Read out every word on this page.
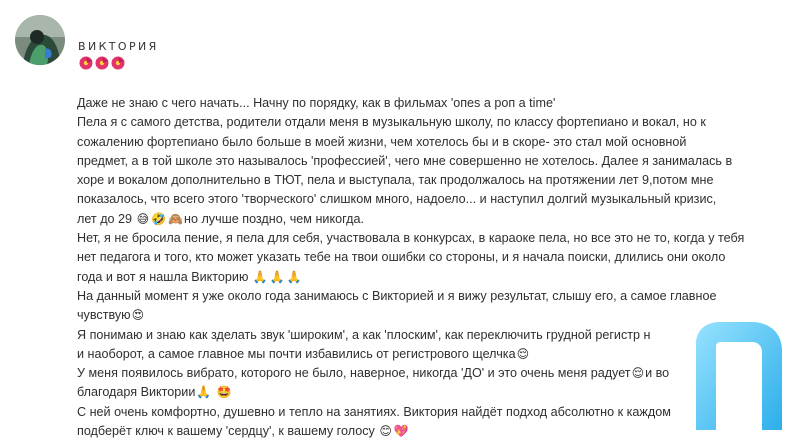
ВИКТОРИЯ
Даже не знаю с чего начать... Начну по порядку, как в фильмах 'опеs а pоп а time'
Пела я с самого детства, родители отдали меня в музыкальную школу, по классу фортепиано и вокал, но к
сожалению фортепиано было больше в моей жизни, чем хотелось бы и в скоре- это стал мой основной
предмет, а в той школе это называлось 'профессией', чего мне совершенно не хотелось. Далее я занималась в
хоре и вокалом дополнительно в ТЮТ, пела и выступала, так продолжалось на протяжении лет 9,потом мне
показалось, что всего этого 'творческого' слишком много, надоело... и наступил долгий музыкальный кризис,
лет до 29 😅 🤣 🙈но лучше поздно, чем никогда.
Нет, я не бросила пение, я пела для себя, участвовала в конкурсах, в караоке пела, но все это не то, когда у тебя
нет педагога и того, кто может указать тебе на твои ошибки со стороны, и я начала поиски, длились они около
года и вот я нашла Викторию 🙏 🙏 🙏
На данный момент я уже около года занимаюсь с Викторией и я вижу результат, слышу его, а самое главное
чувствую😍
Я понимаю и знаю как зделать звук 'широким', а как 'плоским', как переключить грудной регистр н
и наоборот, а самое главное мы почти избавились от регистрового щелчка😌
У меня появилось вибрато, которого не было, наверное, никогда 'ДО' и это очень меня радует😌и во
благодаря Виктории🙏 🤩
С ней очень комфортно, душевно и тепло на занятиях. Виктория найдёт подход абсолютно к каждом
подберёт ключ к вашему 'сердцу', к вашему голосу 😊 💖
